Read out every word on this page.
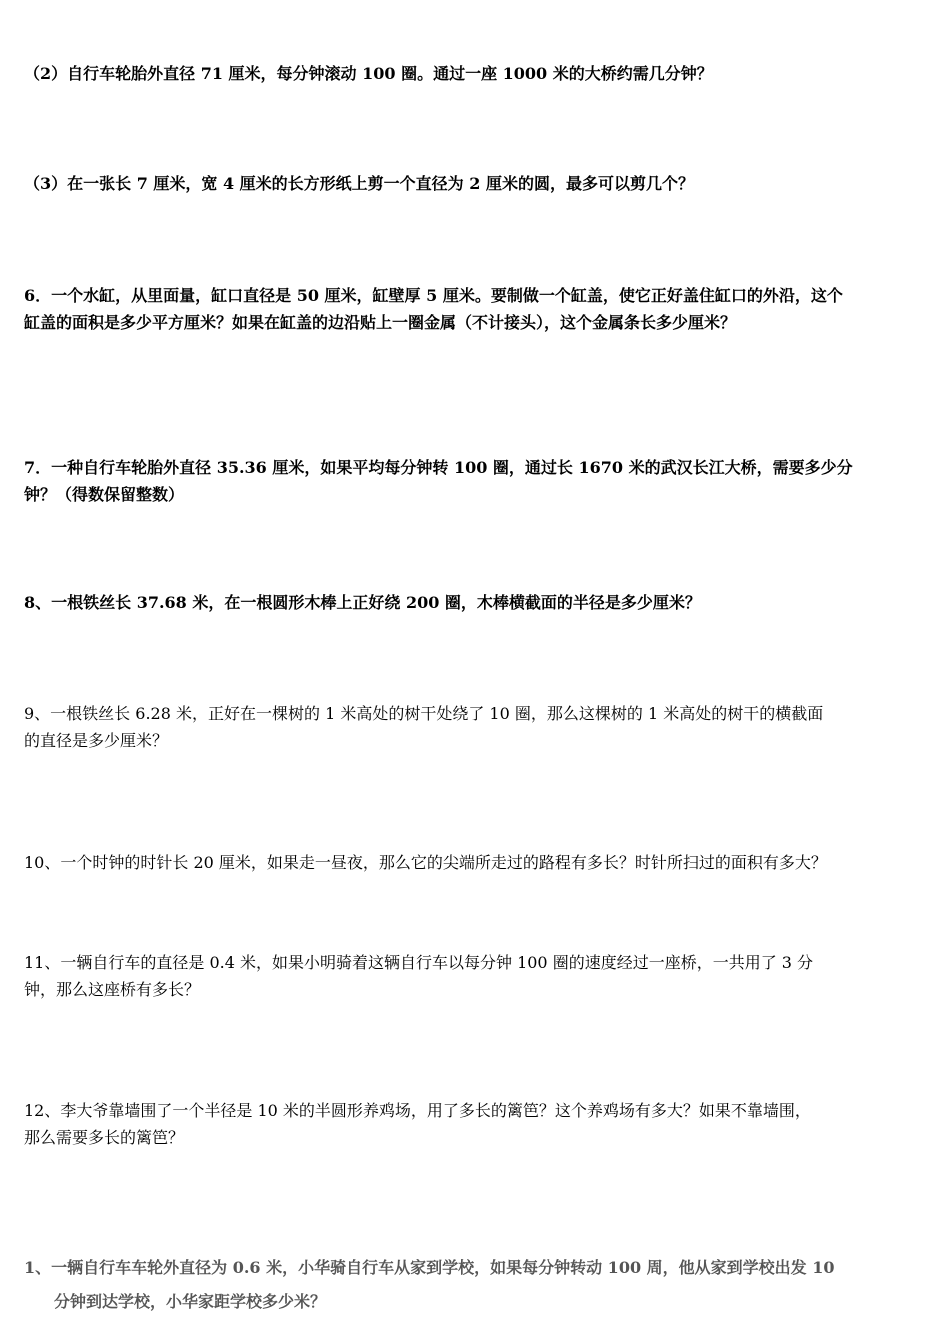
（2）自行车轮胎外直径 71 厘米，每分钟滚动 100 圈。通过一座 1000 米的大桥约需几分钟？
（3）在一张长 7 厘米，宽 4 厘米的长方形纸上剪一个直径为 2 厘米的圆，最多可以剪几个？
6．一个水缸，从里面量，缸口直径是 50 厘米，缸壁厚 5 厘米。要制做一个缸盖，使它正好盖住缸口的外沿，这个
缸盖的面积是多少平方厘米？如果在缸盖的边沿贴上一圈金属（不计接头），这个金属条长多少厘米？
7．一种自行车轮胎外直径 35.36 厘米，如果平均每分钟转 100 圈，通过长 1670 米的武汉长江大桥，需要多少分
钟？（得数保留整数）
8、一根铁丝长 37.68 米，在一根圆形木棒上正好绕 200 圈，木棒横截面的半径是多少厘米？
9、一根铁丝长 6.28 米，正好在一棵树的 1 米高处的树干处绕了 10 圈，那么这棵树的 1 米高处的树干的横截面
的直径是多少厘米？
10、一个时钟的时针长 20 厘米，如果走一昼夜，那么它的尖端所走过的路程有多长？时针所扫过的面积有多大？
11、一辆自行车的直径是 0.4 米，如果小明骑着这辆自行车以每分钟 100 圈的速度经过一座桥，一共用了 3 分
钟，那么这座桥有多长？
12、李大爷靠墙围了一个半径是 10 米的半圆形养鸡场，用了多长的篱笆？这个养鸡场有多大？如果不靠墙围，
那么需要多长的篱笆？
1、一辆自行车车轮外直径为 0.6 米，小华骑自行车从家到学校，如果每分钟转动 100 周，他从家到学校出发 10
分钟到达学校，小华家距学校多少米？
